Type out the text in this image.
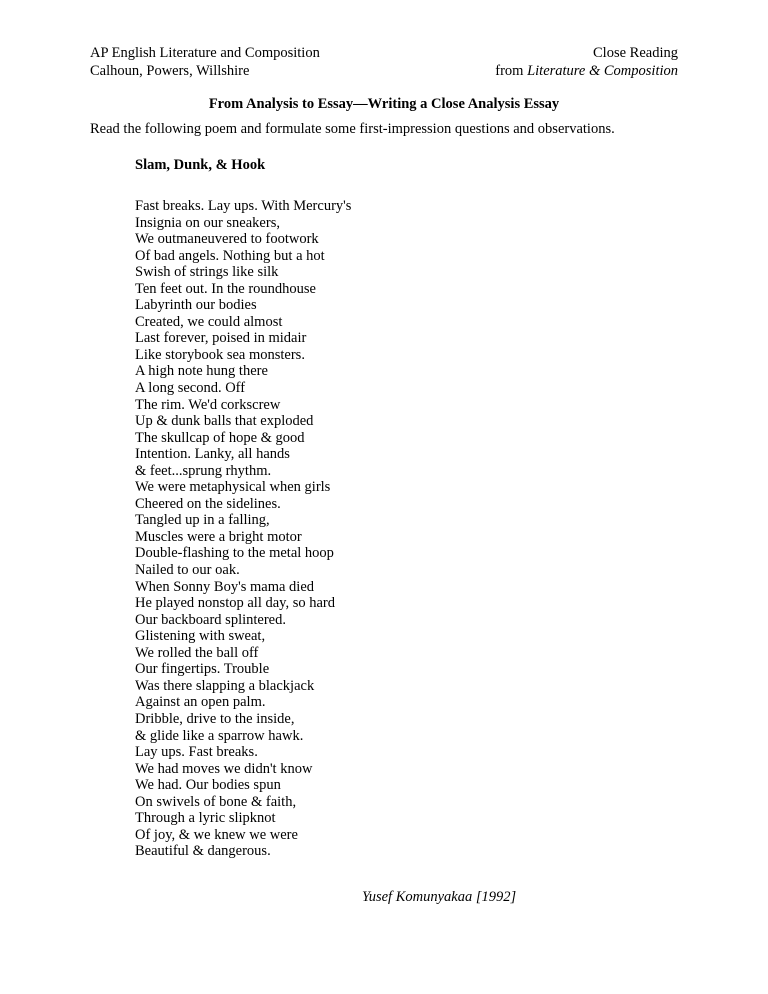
AP English Literature and Composition
Calhoun, Powers, Willshire
Close Reading
from Literature & Composition
From Analysis to Essay—Writing a Close Analysis Essay
Read the following poem and formulate some first-impression questions and observations.
Slam, Dunk, & Hook
Fast breaks. Lay ups. With Mercury's
Insignia on our sneakers,
We outmaneuvered to footwork
Of bad angels. Nothing but a hot
Swish of strings like silk
Ten feet out. In the roundhouse
Labyrinth our bodies
Created, we could almost
Last forever, poised in midair
Like storybook sea monsters.
A high note hung there
A long second. Off
The rim. We'd corkscrew
Up & dunk balls that exploded
The skullcap of hope & good
Intention. Lanky, all hands
& feet...sprung rhythm.
We were metaphysical when girls
Cheered on the sidelines.
Tangled up in a falling,
Muscles were a bright motor
Double-flashing to the metal hoop
Nailed to our oak.
When Sonny Boy's mama died
He played nonstop all day, so hard
Our backboard splintered.
Glistening with sweat,
We rolled the ball off
Our fingertips. Trouble
Was there slapping a blackjack
Against an open palm.
Dribble, drive to the inside,
& glide like a sparrow hawk.
Lay ups. Fast breaks.
We had moves we didn't know
We had. Our bodies spun
On swivels of bone & faith,
Through a lyric slipknot
Of joy, & we knew we were
Beautiful & dangerous.
Yusef Komunyakaa [1992]
